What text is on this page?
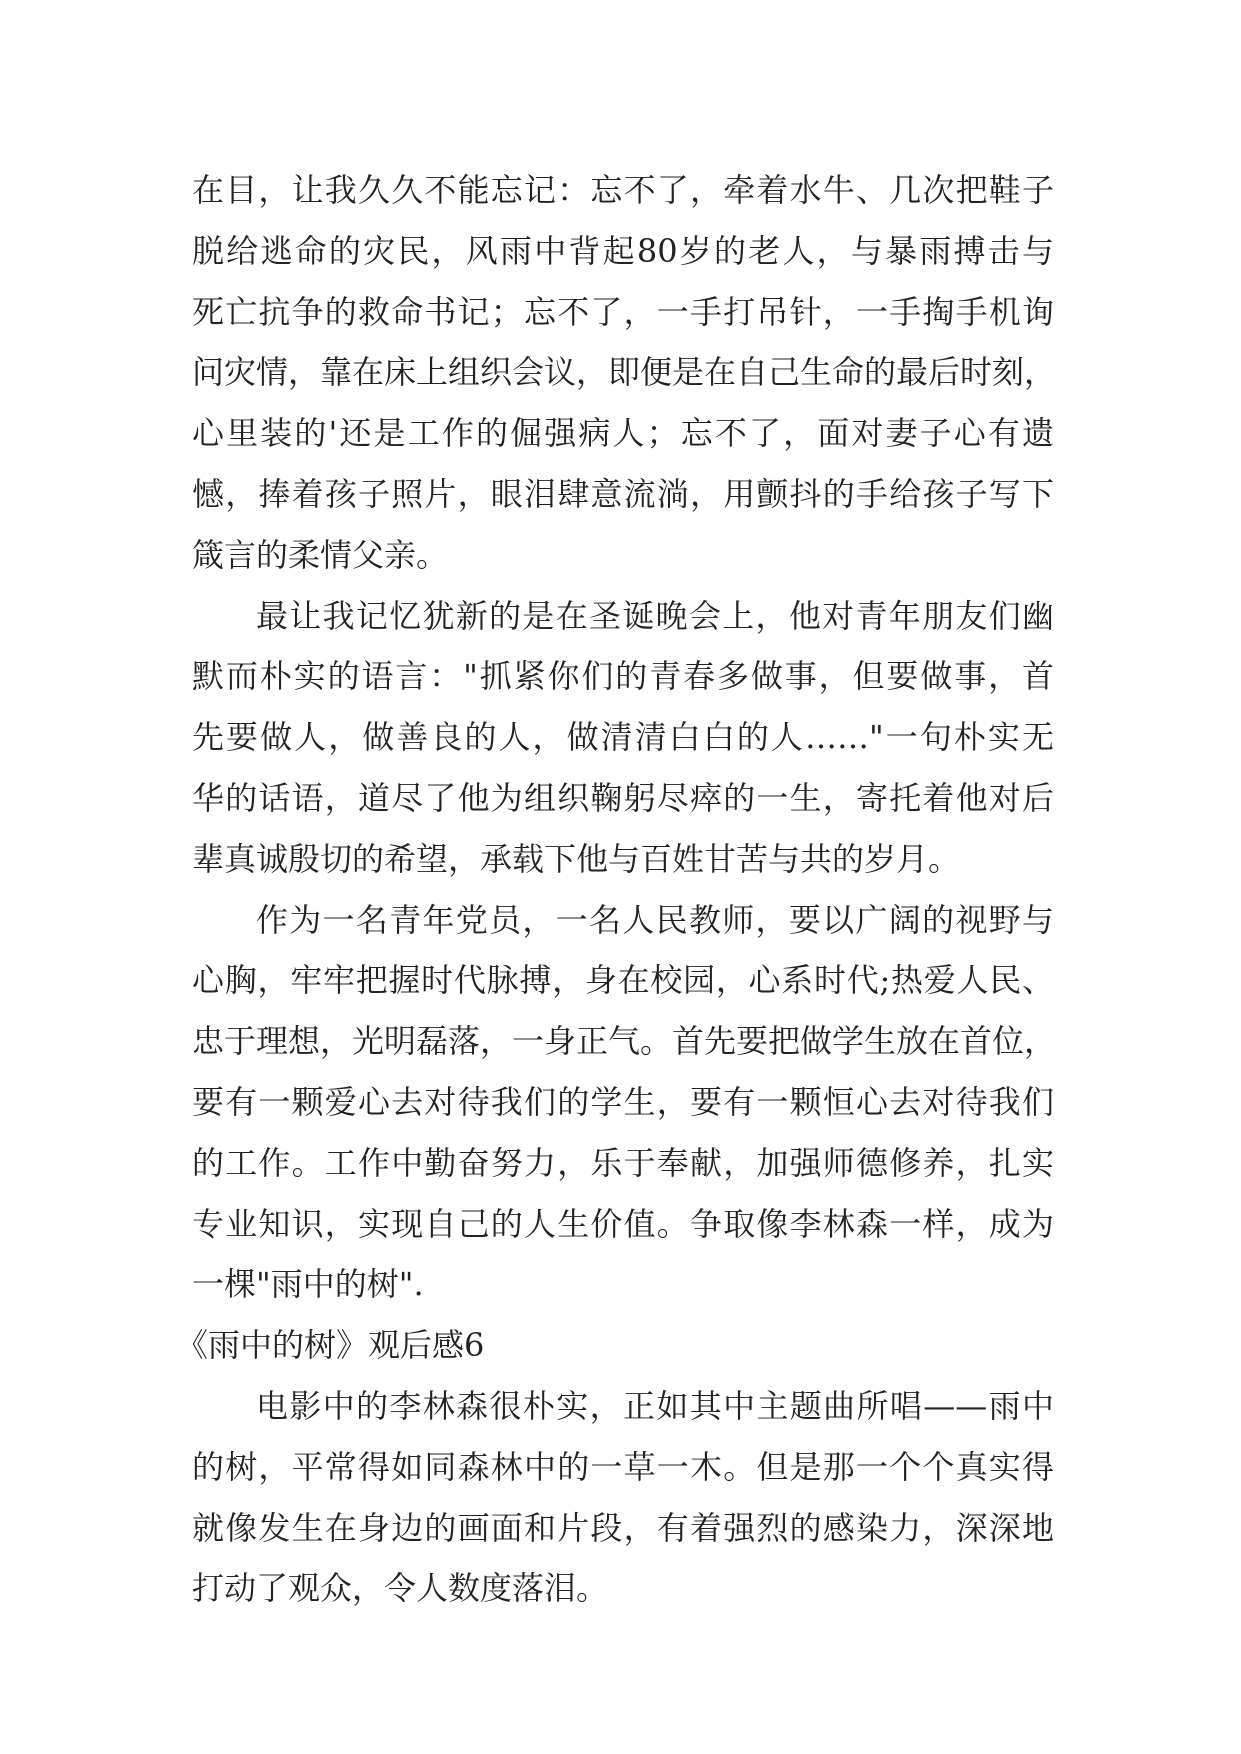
在目，让我久久不能忘记：忘不了，牵着水牛、几次把鞋子
脱给逃命的灾民，风雨中背起80岁的老人，与暴雨搏击与
死亡抗争的救命书记；忘不了，一手打吊针，一手掏手机询
问灾情，靠在床上组织会议，即便是在自己生命的最后时刻，
心里装的'还是工作的倔强病人；忘不了，面对妻子心有遗
憾，捧着孩子照片，眼泪肆意流淌，用颤抖的手给孩子写下
箴言的柔情父亲。
最让我记忆犹新的是在圣诞晚会上，他对青年朋友们幽
默而朴实的语言："抓紧你们的青春多做事，但要做事，首
先要做人，做善良的人，做清清白白的人……"一句朴实无
华的话语，道尽了他为组织鞠躬尽瘁的一生，寄托着他对后
辈真诚殷切的希望，承载下他与百姓甘苦与共的岁月。
作为一名青年党员，一名人民教师，要以广阔的视野与
心胸，牢牢把握时代脉搏，身在校园，心系时代;热爱人民、
忠于理想，光明磊落，一身正气。首先要把做学生放在首位，
要有一颗爱心去对待我们的学生，要有一颗恒心去对待我们
的工作。工作中勤奋努力，乐于奉献，加强师德修养，扎实
专业知识，实现自己的人生价值。争取像李林森一样，成为
一棵"雨中的树".
《雨中的树》观后感6
电影中的李林森很朴实，正如其中主题曲所唱——雨中
的树，平常得如同森林中的一草一木。但是那一个个真实得
就像发生在身边的画面和片段，有着强烈的感染力，深深地
打动了观众，令人数度落泪。
